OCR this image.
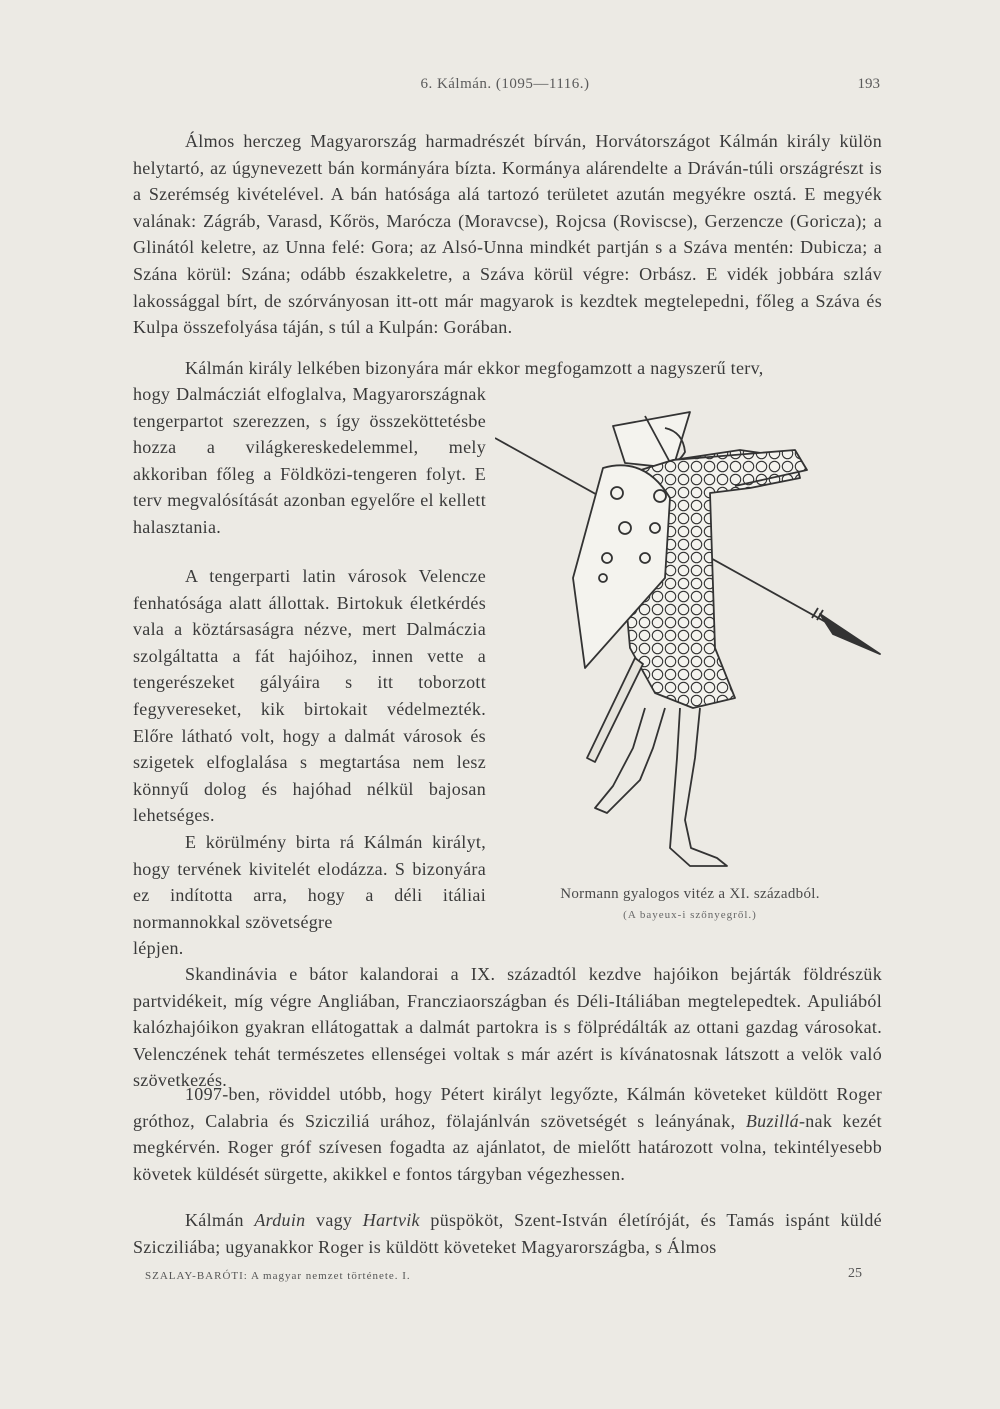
6. Kálmán. (1095—1116.)	193

Álmos herczeg Magyarország harmadrészét bírván, Horvátországot Kálmán király külön helytartó, az úgynevezett bán kormányára bízta. Kormánya alárendelte a Dráván-túli országrészt is a Szerémség kivételével. A bán hatósága alá tartozó területet azután megyékre osztá. E megyék valának: Zágráb, Varasd, Kőrös, Marócza (Moravcse), Rojcsa (Roviscse), Gerzencze (Goricza); a Glinától keletre, az Unna felé: Gora; az Alsó-Unna mindkét partján s a Száva mentén: Dubicza; a Szána körül: Szána; odább északkeletre, a Száva körül végre: Orbász. E vidék jobbára szláv lakossággal bírt, de szórványosan itt-ott már magyarok is kezdtek megtelepedni, főleg a Száva és Kulpa összefolyása táján, s túl a Kulpán: Gorában.

Kálmán király lelkében bizonyára már ekkor megfogamzott a nagyszerű terv,

hogy Dalmácziát elfoglalva, Magyarországnak tengerpartot szerezzen, s így összeköttetésbe hozza a világkereskedelemmel, mely akkoriban főleg a Földközi-tengeren folyt. E terv megvalósítását azonban egyelőre el kellett halasztania.

A tengerparti latin városok Velencze fenhatósága alatt állottak. Birtokuk életkérdés vala a köztársaságra nézve, mert Dalmáczia szolgáltatta a fát hajóihoz, innen vette a tengerészeket gályáira s itt toborzott fegyvereseket, kik birtokait védelmezték. Előre látható volt, hogy a dalmát városok és szigetek elfoglalása s megtartása nem lesz könnyű dolog és hajóhad nélkül bajosan lehetséges.

E körülmény birta rá Kálmán királyt, hogy tervének kivitelét elodázza. S bizonyára ez indította arra, hogy a déli itáliai normannokkal szövetségre

lépjen.

Skandinávia e bátor kalandorai a IX. századtól kezdve hajóikon bejárták földrészük partvidékeit, míg végre Angliában, Francziaországban és Déli-Itáliában megtelepedtek. Apuliából kalózhajóikon gyakran ellátogattak a dalmát partokra is s fölprédálták az ottani gazdag városokat. Velenczének tehát természetes ellenségei voltak s már azért is kívánatosnak látszott a velök való szövetkezés.

1097-ben, röviddel utóbb, hogy Pétert királyt legyőzte, Kálmán követeket küldött Roger gróthoz, Calabria és Szicziliá urához, fölajánlván szövetségét s leányának, Buzillá-nak kezét megkérvén. Roger gróf szívesen fogadta az ajánlatot, de mielőtt határozott volna, tekintélyesebb követek küldését sürgette, akikkel e fontos tárgyban végezhessen.

Kálmán Arduin vagy Hartvik püspököt, Szent-István életíróját, és Tamás ispánt küldé Szicziliába; ugyanakkor Roger is küldött követeket Magyarországba, s Álmos

Normann gyalogos vitéz a XI. századból.
(A bayeux-i szőnyegről.)
SZALAY-BARÓTI: A magyar nemzet története. I.	25
